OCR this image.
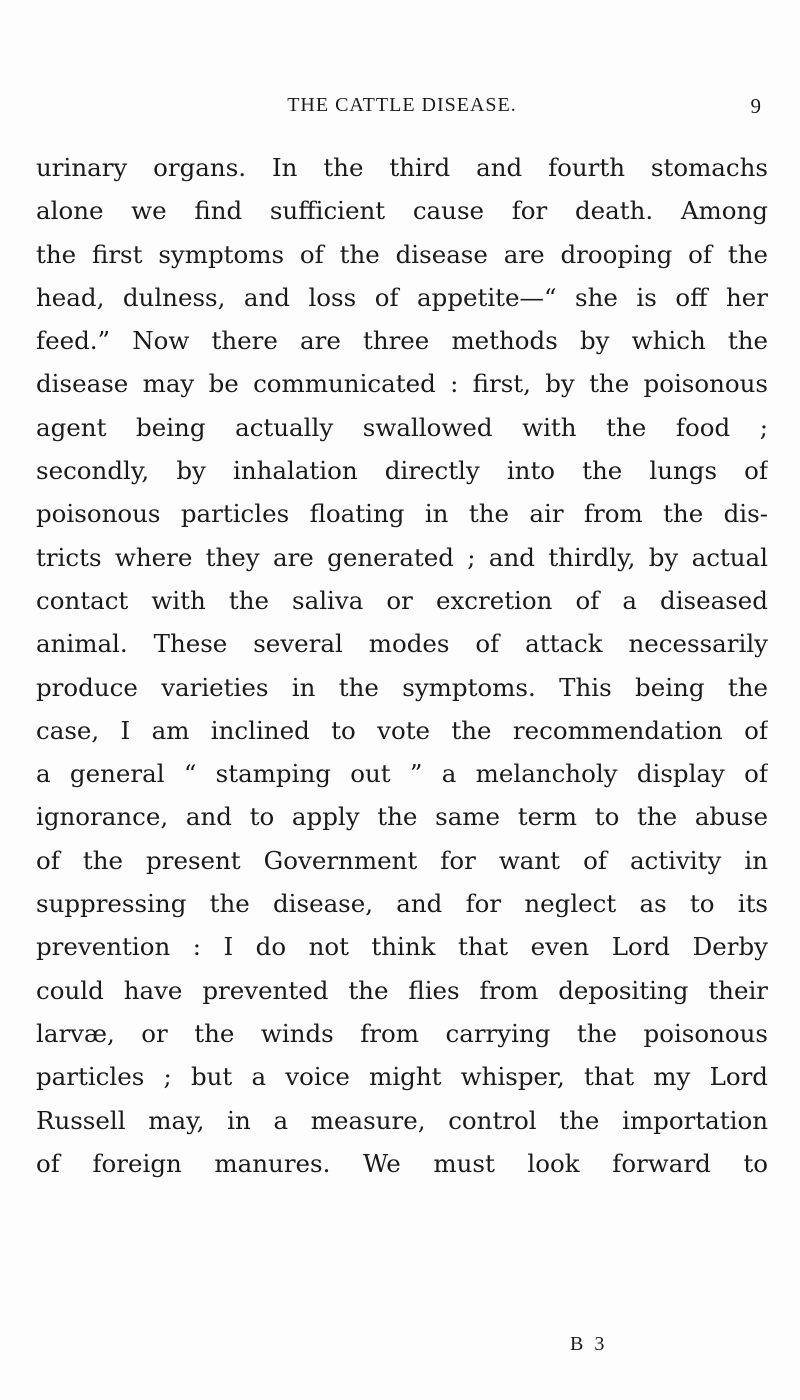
THE CATTLE DISEASE.	9
urinary organs. In the third and fourth stomachs
alone we find sufficient cause for death. Among
the first symptoms of the disease are drooping of the
head, dulness, and loss of appetite—“ she is off her
feed.” Now there are three methods by which the
disease may be communicated : first, by the poisonous
agent being actually swallowed with the food ;
secondly, by inhalation directly into the lungs of
poisonous particles floating in the air from the dis-
tricts where they are generated ; and thirdly, by actual
contact with the saliva or excretion of a diseased
animal. These several modes of attack necessarily
produce varieties in the symptoms. This being the
case, I am inclined to vote the recommendation of
a general “ stamping out ” a melancholy display of
ignorance, and to apply the same term to the abuse
of the present Government for want of activity in
suppressing the disease, and for neglect as to its
prevention : I do not think that even Lord Derby
could have prevented the flies from depositing their
larvæ, or the winds from carrying the poisonous
particles ; but a voice might whisper, that my Lord
Russell may, in a measure, control the importation
of foreign manures. We must look forward to
B 3
